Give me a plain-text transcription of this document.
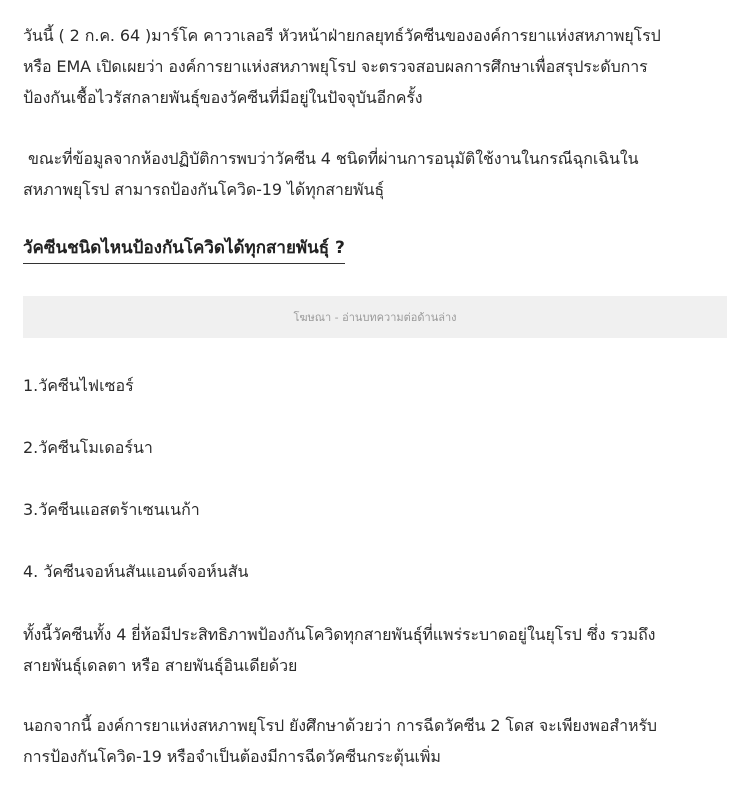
วันนี้ ( 2 ก.ค. 64 )มาร์โค คาวาเลอรี หัวหน้าฝ่ายกลยุทธ์วัคซีนขององค์การยาแห่งสหภาพยุโรป
หรือ EMA เปิดเผยว่า องค์การยาแห่งสหภาพยุโรป จะตรวจสอบผลการศึกษาเพื่อสรุประดับการ
ป้องกันเชื้อไวรัสกลายพันธุ์ของวัคซีนที่มีอยู่ในปัจจุบันอีกครั้ง

ขณะที่ข้อมูลจากห้องปฏิบัติการพบว่าวัคซีน 4 ชนิดที่ผ่านการอนุมัติใช้งานในกรณีฉุกเฉินใน
สหภาพยุโรป สามารถป้องกันโควิด-19 ได้ทุกสายพันธุ์

วัคซีนชนิดไหนป้องกันโควิดได้ทุกสายพันธุ์ ?
โฆษณา - อ่านบทความต่อด้านล่าง

1.วัคซีนไฟเซอร์

2.วัคซีนโมเดอร์นา

3.วัคซีนแอสตร้าเซนเนก้า

4. วัคซีนจอห์นสันแอนด์จอห์นสัน

ทั้งนี้วัคซีนทั้ง 4 ยี่ห้อมีประสิทธิภาพป้องกันโควิดทุกสายพันธุ์ที่แพร่ระบาดอยู่ในยุโรป ซึ่ง รวมถึง
สายพันธุ์เดลตา หรือ สายพันธุ์อินเดียด้วย

นอกจากนี้ องค์การยาแห่งสหภาพยุโรป ยังศึกษาด้วยว่า การฉีดวัคซีน 2 โดส จะเพียงพอสำหรับ
การป้องกันโควิด-19 หรือจำเป็นต้องมีการฉีดวัคซีนกระตุ้นเพิ่ม
